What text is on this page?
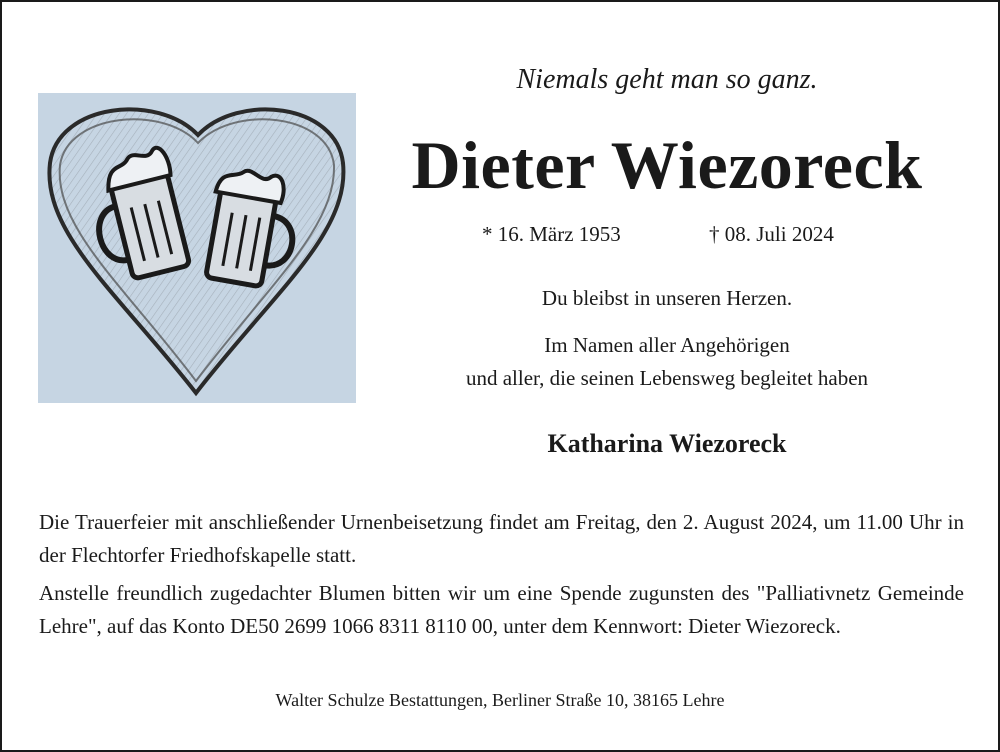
Niemals geht man so ganz.
Dieter Wiezoreck
* 16. März 1953	† 08. Juli 2024
Du bleibst in unseren Herzen.
Im Namen aller Angehörigen
und aller, die seinen Lebensweg begleitet haben
Katharina Wiezoreck
Die Trauerfeier mit anschließender Urnenbeisetzung findet am Freitag, den 2. August 2024, um 11.00 Uhr in der Flechtorfer Friedhofskapelle statt.
Anstelle freundlich zugedachter Blumen bitten wir um eine Spende zugunsten des "Palliativnetz Gemeinde Lehre", auf das Konto DE50 2699 1066 8311 8110 00, unter dem Kennwort: Dieter Wiezoreck.
Walter Schulze Bestattungen, Berliner Straße 10, 38165 Lehre
